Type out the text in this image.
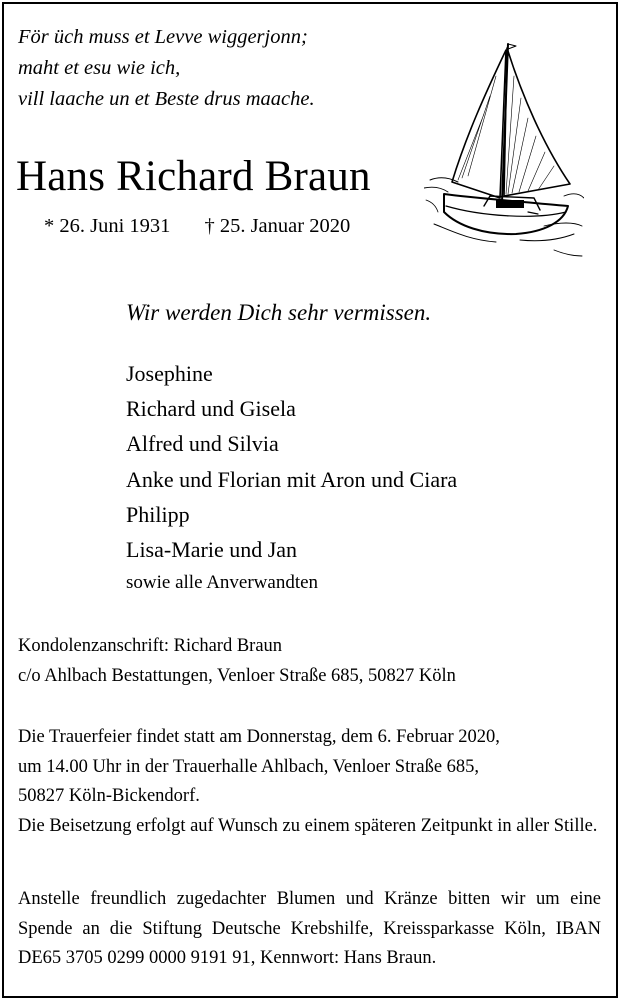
För üch muss et Levve wiggerjonn;
maht et esu wie ich,
vill laache un et Beste drus maache.
Hans Richard Braun
* 26. Juni 1931 † 25. Januar 2020
Wir werden Dich sehr vermissen.
Josephine
Richard und Gisela
Alfred und Silvia
Anke und Florian mit Aron und Ciara
Philipp
Lisa-Marie und Jan
sowie alle Anverwandten
Kondolenzanschrift: Richard Braun
c/o Ahlbach Bestattungen, Venloer Straße 685, 50827 Köln
Die Trauerfeier findet statt am Donnerstag, dem 6. Februar 2020,
um 14.00 Uhr in der Trauerhalle Ahlbach, Venloer Straße 685,
50827 Köln-Bickendorf.
Die Beisetzung erfolgt auf Wunsch zu einem späteren Zeitpunkt in aller Stille.
Anstelle freundlich zugedachter Blumen und Kränze bitten wir um eine Spende an die Stiftung Deutsche Krebshilfe, Kreissparkasse Köln, IBAN DE65 3705 0299 0000 9191 91, Kennwort: Hans Braun.
